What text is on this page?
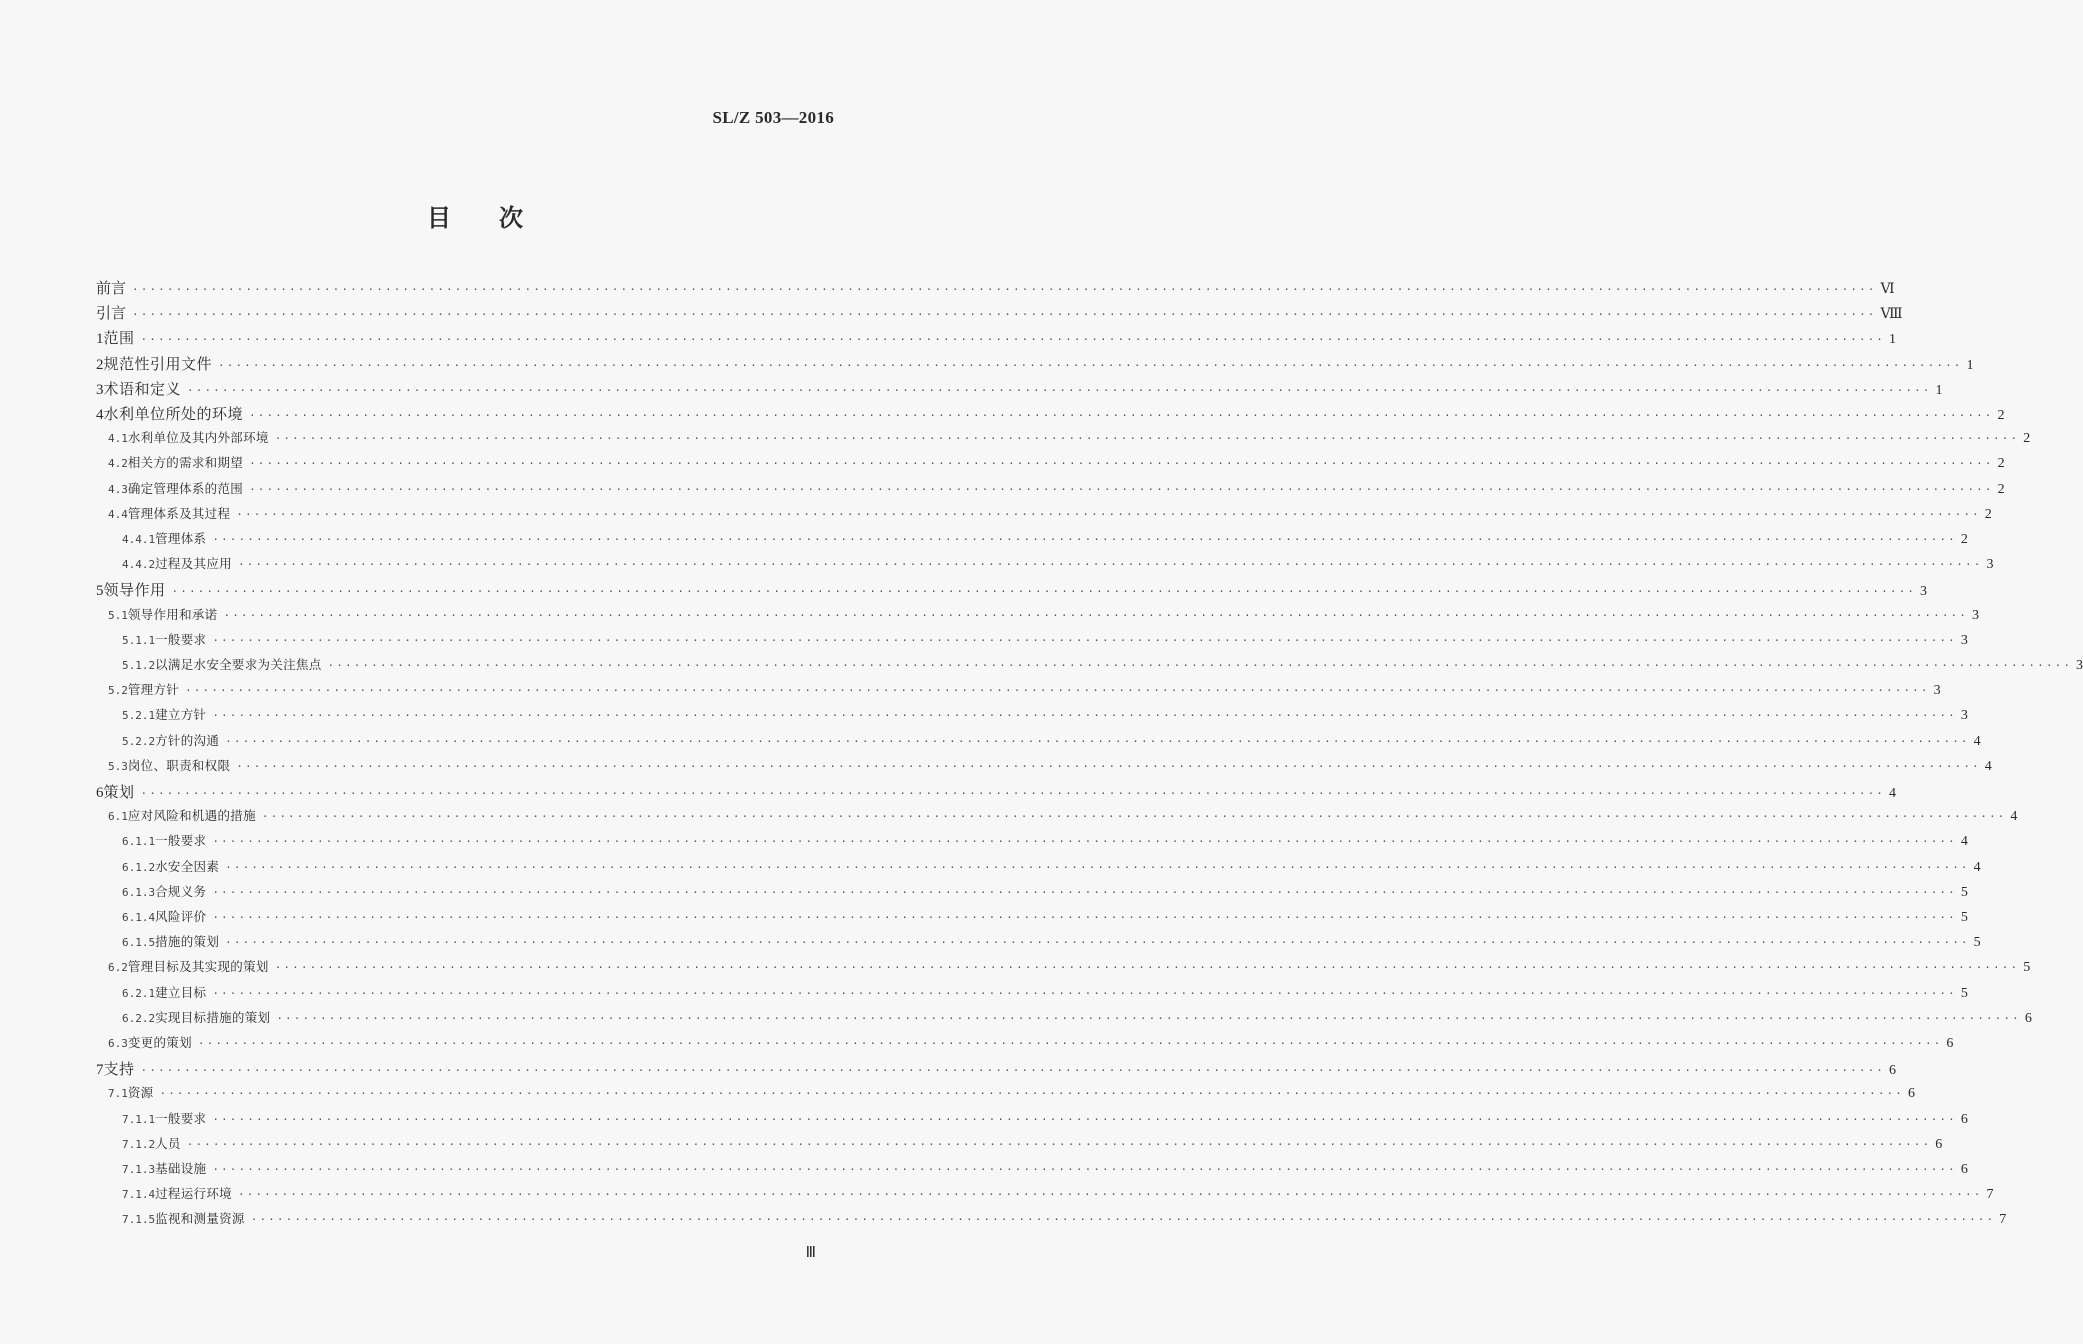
SL/Z 503—2016
目 次
前言 ········································································································································································································ Ⅵ
引言 ········································································································································································································ Ⅷ
1 范围 ········································································································································································································ 1
2 规范性引用文件 ········································································································································································································ 1
3 术语和定义 ········································································································································································································ 1
4 水利单位所处的环境 ········································································································································································································ 2
4.1 水利单位及其内外部环境 ········································································································································································································ 2
4.2 相关方的需求和期望 ········································································································································································································ 2
4.3 确定管理体系的范围 ········································································································································································································ 2
4.4 管理体系及其过程 ········································································································································································································ 2
4.4.1 管理体系 ········································································································································································································ 2
4.4.2 过程及其应用 ········································································································································································································ 3
5 领导作用 ········································································································································································································ 3
5.1 领导作用和承诺 ········································································································································································································ 3
5.1.1 一般要求 ········································································································································································································ 3
5.1.2 以满足水安全要求为关注焦点 ········································································································································································································ 3
5.2 管理方针 ········································································································································································································ 3
5.2.1 建立方针 ········································································································································································································ 3
5.2.2 方针的沟通 ········································································································································································································ 4
5.3 岗位、职责和权限 ········································································································································································································ 4
6 策划 ········································································································································································································ 4
6.1 应对风险和机遇的措施 ········································································································································································································ 4
6.1.1 一般要求 ········································································································································································································ 4
6.1.2 水安全因素 ········································································································································································································ 4
6.1.3 合规义务 ········································································································································································································ 5
6.1.4 风险评价 ········································································································································································································ 5
6.1.5 措施的策划 ········································································································································································································ 5
6.2 管理目标及其实现的策划 ········································································································································································································ 5
6.2.1 建立目标 ········································································································································································································ 5
6.2.2 实现目标措施的策划 ········································································································································································································ 6
6.3 变更的策划 ········································································································································································································ 6
7 支持 ········································································································································································································ 6
7.1 资源 ········································································································································································································ 6
7.1.1 一般要求 ········································································································································································································ 6
7.1.2 人员 ········································································································································································································ 6
7.1.3 基础设施 ········································································································································································································ 6
7.1.4 过程运行环境 ········································································································································································································ 7
7.1.5 监视和测量资源 ········································································································································································································ 7
Ⅲ
